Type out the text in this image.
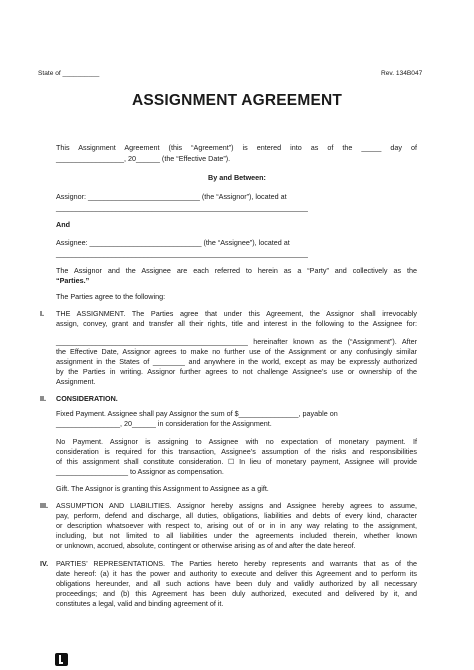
State of __________	Rev. 134B047
ASSIGNMENT AGREEMENT
This Assignment Agreement (this “Agreement”) is entered into as of the _____ day of
_________________, 20______ (the “Effective Date”).
By and Between:
Assignor: ____________________________ (the “Assignor”), located at
_______________________________________________________________
And
Assignee: ____________________________ (the “Assignee”), located at
_______________________________________________________________
The Assignor and the Assignee are each referred to herein as a “Party” and collectively as the
“Parties.”
The Parties agree to the following:
I. THE ASSIGNMENT. The Parties agree that under this Agreement, the Assignor shall irrevocably
assign, convey, grant and transfer all their rights, title and interest in the following to the Assignee for:
________________________________________________ hereinafter known as the (“Assignment”). After
the Effective Date, Assignor agrees to make no further use of the Assignment or any confusingly similar
assignment in the States of ________ and anywhere in the world, except as may be expressly authorized
by the Parties in writing. Assignor further agrees to not challenge Assignee’s use or ownership of the
Assignment.
II. CONSIDERATION.
Fixed Payment. Assignee shall pay Assignor the sum of $_______________, payable on
________________, 20______ in consideration for the Assignment.
No Payment. Assignor is assigning to Assignee with no expectation of monetary payment. If
consideration is required for this transaction, Assignee’s assumption of the risks and responsibilities
of this assignment shall constitute consideration. ☐ In lieu of monetary payment, Assignee will provide
__________________ to Assignor as compensation.
Gift. The Assignor is granting this Assignment to Assignee as a gift.
III. ASSUMPTION AND LIABILITIES. Assignor hereby assigns and Assignee hereby agrees to assume,
pay, perform, defend and discharge, all duties, obligations, liabilities and debts of every kind, character
or description whatsoever with respect to, arising out of or in in any way relating to the assignment,
including, but not limited to all liabilities under the agreements included therein, whether known
or unknown, accrued, absolute, contingent or otherwise arising as of and after the date hereof.
IV. PARTIES’ REPRESENTATIONS. The Parties hereto hereby represents and warrants that as of the
date hereof: (a) it has the power and authority to execute and deliver this Agreement and to perform its
obligations hereunder, and all such actions have been duly and validly authorized by all necessary
proceedings; and (b) this Agreement has been duly authorized, executed and delivered by it, and
constitutes a legal, valid and binding agreement of it.
